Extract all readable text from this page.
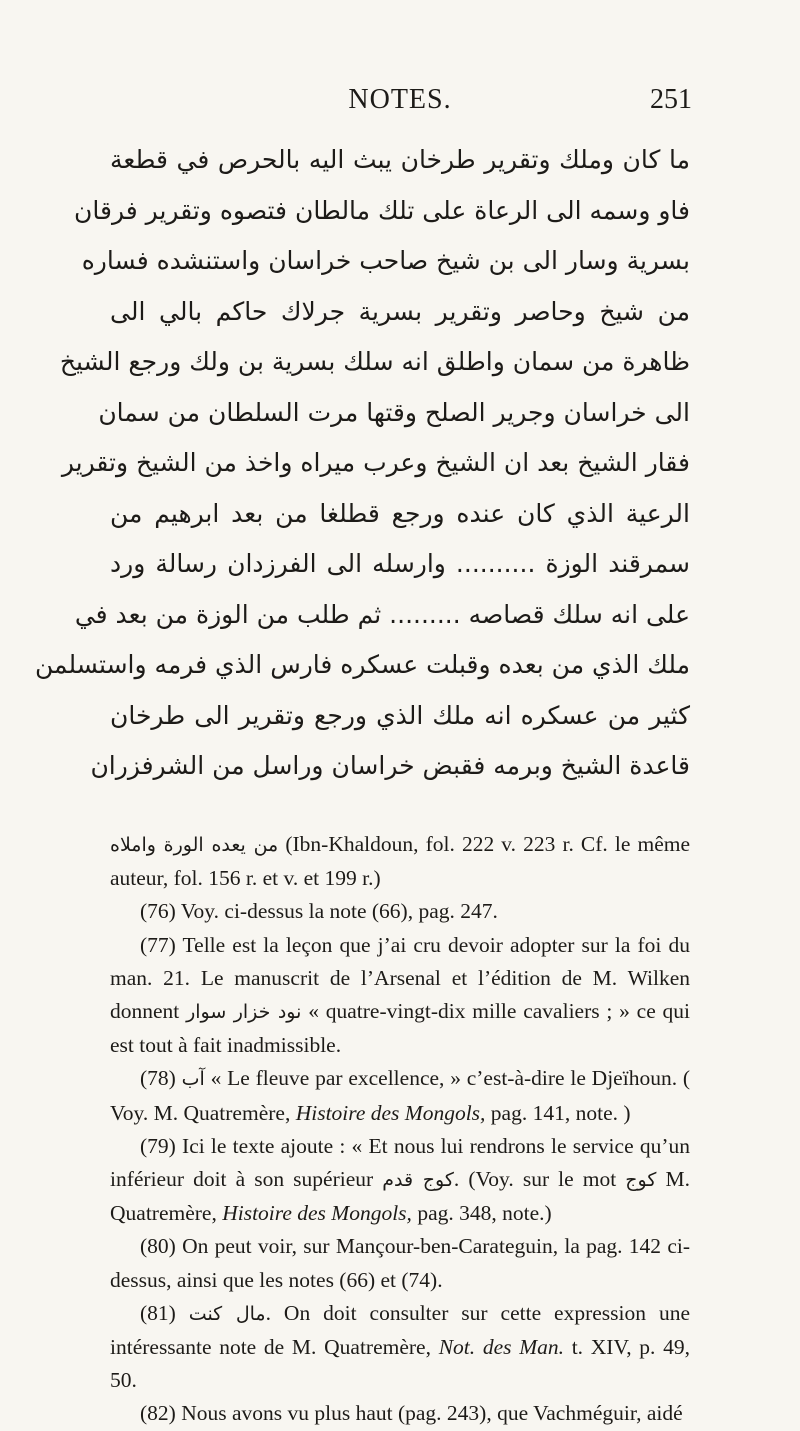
NOTES.	251
ما كان وملك وتقرير طرخان يبث اليه بالحرص في قطعة
فاو وسمه الى الرعاة على تلك مالطان فتصوه وتقرير فرقان
بسرية وسار الى بن شيخ صاحب خراسان واستنشده فساره
من شيخ وحاصر وتقرير بسرية جرلاك حاكم بالي الى
ظاهرة من سمان واطلق انه سلك بسرية بن ولك ورجع الشيخ
الى خراسان وجرير الصلح وقتها مرت السلطان من سمان
فقار الشيخ بعد ان الشيخ وعرب ميراه واخذ من الشيخ وتقرير
الرعية الذي كان عنده ورجع قطلغا من بعد ابرهيم من
سمرقند الوزة .......... وارسله الى الفرزدان رسالة ورد
على انه سلك قصاصه ......... ثم طلب من الوزة من بعد في
ملك الذي من بعده وقبلت عسكره فارس الذي فرمه واستسلمن
كثير من عسكره انه ملك الذي ورجع وتقرير الى طرخان
قاعدة الشيخ وبرمه فقبض خراسان وراسل من الشرفزران

من يعده الورة واملاه (Ibn-Khaldoun, fol. 222 v. 223 r. Cf. le même auteur, fol. 156 r. et v. et 199 r.)

(76) Voy. ci-dessus la note (66), pag. 247.

(77) Telle est la leçon que j’ai cru devoir adopter sur la foi du man. 21. Le manuscrit de l’Arsenal et l’édition de M. Wilken donnent نود خزار سوار « quatre-vingt-dix mille cavaliers ; » ce qui est tout à fait inadmissible.

(78) آب « Le fleuve par excellence, » c’est-à-dire le Djeïhoun. ( Voy. M. Quatremère, Histoire des Mongols, pag. 141, note. )

(79) Ici le texte ajoute : « Et nous lui rendrons le service qu’un inférieur doit à son supérieur كوج قدم. (Voy. sur le mot كوج M. Quatremère, Histoire des Mongols, pag. 348, note.)

(80) On peut voir, sur Mançour-ben-Carateguin, la pag. 142 ci-dessus, ainsi que les notes (66) et (74).

(81) مال كنت. On doit consulter sur cette expression une intéressante note de M. Quatremère, Not. des Man. t. XIV, p. 49, 50.

(82) Nous avons vu plus haut (pag. 243), que Vachméguir, aidé
